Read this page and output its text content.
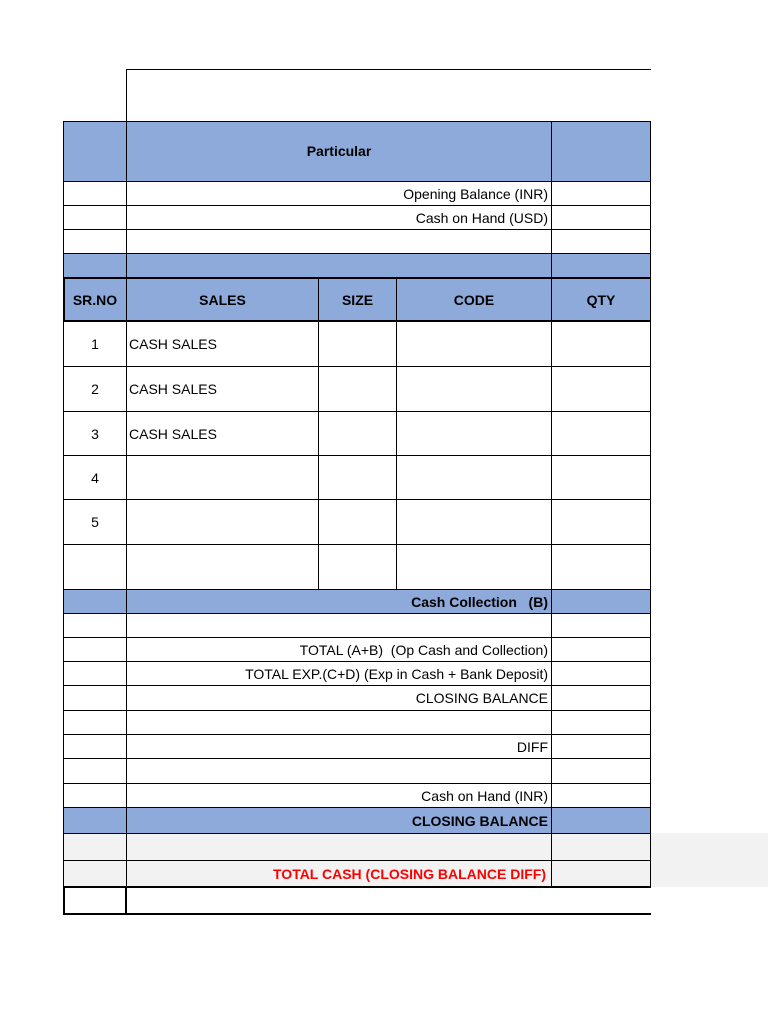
Particular
Opening Balance (INR)
Cash on Hand (USD)
SR.NO	SALES	SIZE	CODE	QTY
1	CASH SALES
2	CASH SALES
3	CASH SALES
4
5
Cash Collection   (B)
TOTAL (A+B)  (Op Cash and Collection)
TOTAL EXP.(C+D) (Exp in Cash + Bank Deposit)
CLOSING BALANCE
DIFF
Cash on Hand (INR)
CLOSING BALANCE
TOTAL CASH (CLOSING BALANCE DIFF)
